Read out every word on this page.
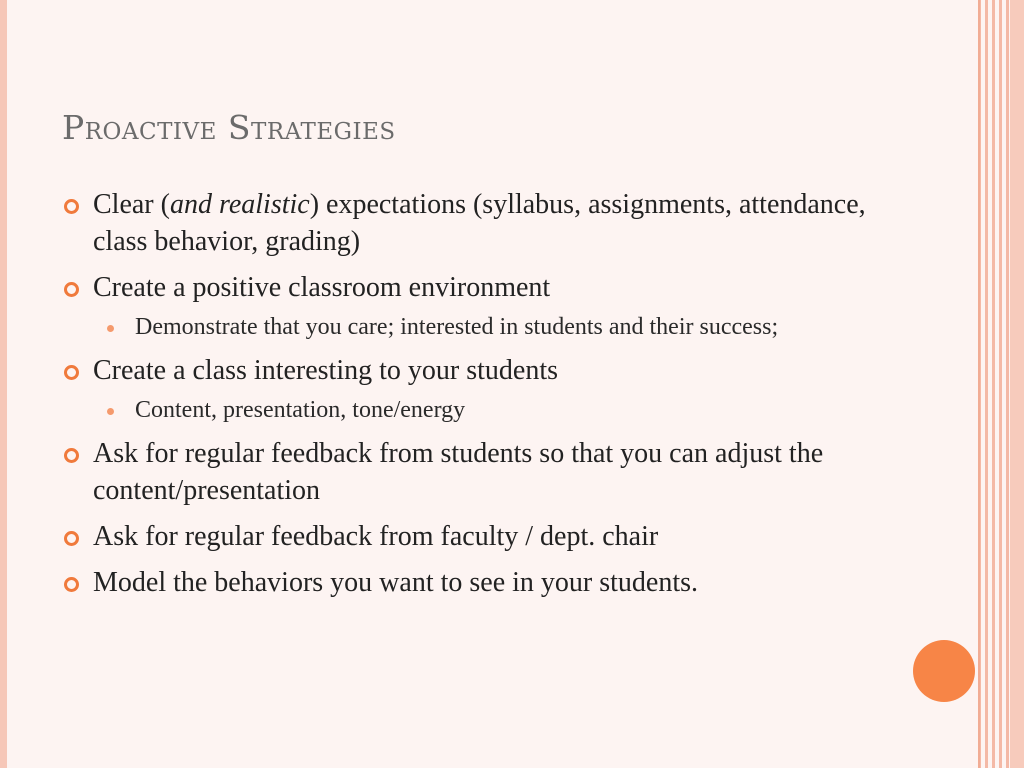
Proactive Strategies
Clear (and realistic) expectations (syllabus, assignments, attendance, class behavior, grading)
Create a positive classroom environment
Demonstrate that you care; interested in students and their success;
Create a class interesting to your students
Content, presentation, tone/energy
Ask for regular feedback from students so that you can adjust the content/presentation
Ask for regular feedback from faculty / dept. chair
Model the behaviors you want to see in your students.
